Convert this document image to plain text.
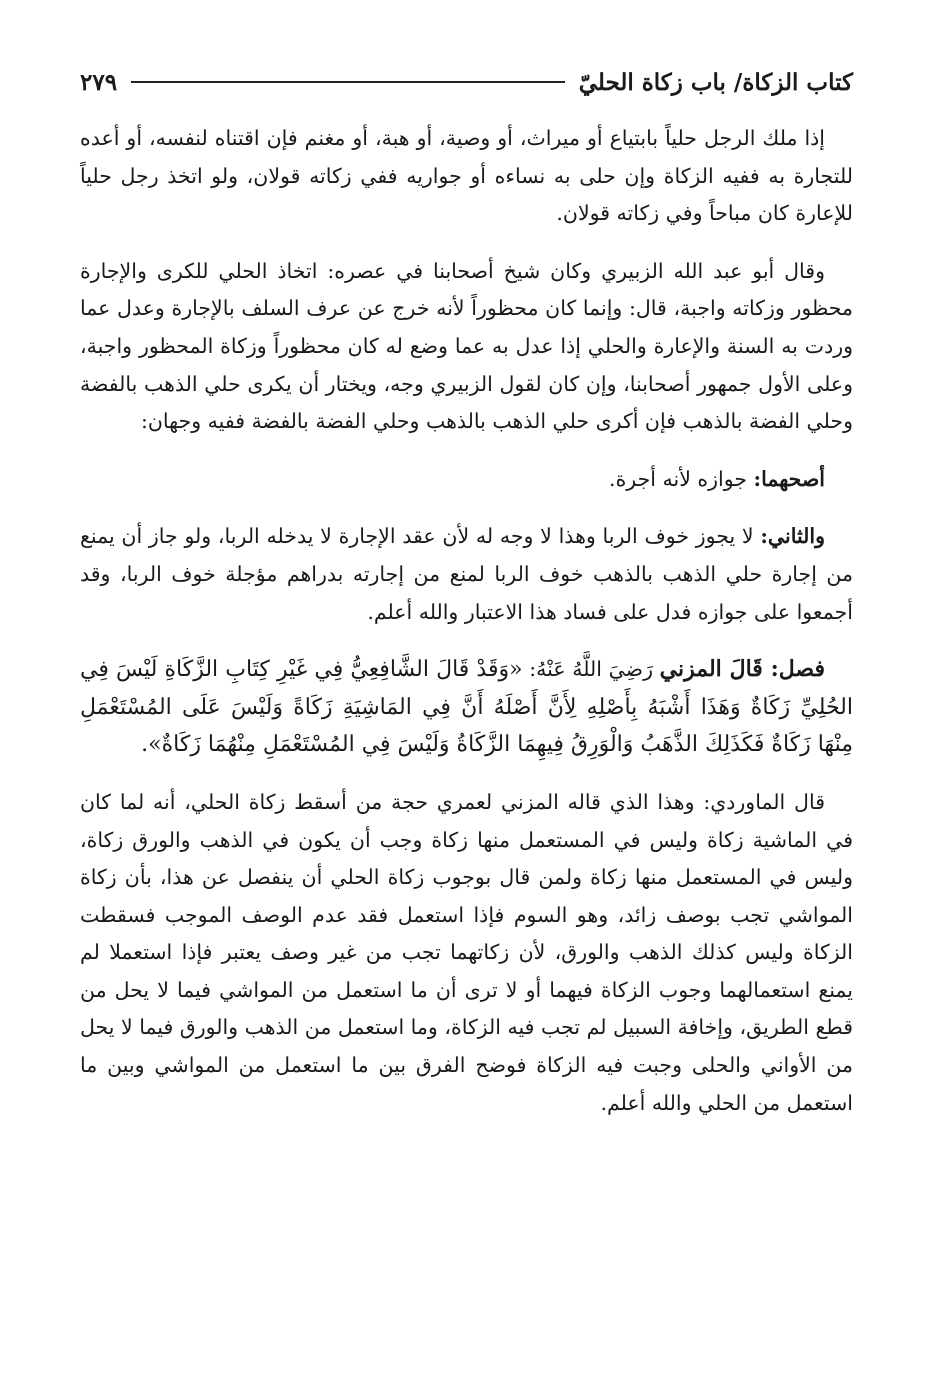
كتاب الزكاة/ باب زكاة الحليّ
٢٧٩

إذا ملك الرجل حلياً بابتياع أو ميراث، أو وصية، أو هبة، أو مغنم فإن اقتناه لنفسه، أو أعده للتجارة به ففيه الزكاة وإن حلى به نساءه أو جواريه ففي زكاته قولان، ولو اتخذ رجل حلياً للإعارة كان مباحاً وفي زكاته قولان.

وقال أبو عبد الله الزبيري وكان شيخ أصحابنا في عصره: اتخاذ الحلي للكرى والإجارة محظور وزكاته واجبة، قال: وإنما كان محظوراً لأنه خرج عن عرف السلف بالإجارة وعدل عما وردت به السنة والإعارة والحلي إذا عدل به عما وضع له كان محظوراً وزكاة المحظور واجبة، وعلى الأول جمهور أصحابنا، وإن كان لقول الزبيري وجه، ويختار أن يكرى حلي الذهب بالفضة وحلي الفضة بالذهب فإن أكرى حلي الذهب بالذهب وحلي الفضة بالفضة ففيه وجهان:

أصحهما: جوازه لأنه أجرة.

والثاني: لا يجوز خوف الربا وهذا لا وجه له لأن عقد الإجارة لا يدخله الربا، ولو جاز أن يمنع من إجارة حلي الذهب بالذهب خوف الربا لمنع من إجارته بدراهم مؤجلة خوف الربا، وقد أجمعوا على جوازه فدل على فساد هذا الاعتبار والله أعلم.

فصل: قَالَ المزني رَضِيَ اللَّهُ عَنْهُ: «وَقَدْ قَالَ الشَّافِعِيُّ فِي غَيْرِ كِتَابِ الزَّكَاةِ لَيْسَ فِي الحُلِيِّ زَكَاةٌ وَهَذَا أَشْبَهُ بِأَصْلِهِ لِأَنَّ أَصْلَهُ أَنَّ فِي المَاشِيَةِ زَكَاةً وَلَيْسَ عَلَى المُسْتَعْمَلِ مِنْهَا زَكَاةٌ فَكَذَلِكَ الذَّهَبُ وَالْوَرِقُ فِيهِمَا الزَّكَاةُ وَلَيْسَ فِي المُسْتَعْمَلِ مِنْهُمَا زَكَاةٌ».

قال الماوردي: وهذا الذي قاله المزني لعمري حجة من أسقط زكاة الحلي، أنه لما كان في الماشية زكاة وليس في المستعمل منها زكاة وجب أن يكون في الذهب والورق زكاة، وليس في المستعمل منها زكاة ولمن قال بوجوب زكاة الحلي أن ينفصل عن هذا، بأن زكاة المواشي تجب بوصف زائد، وهو السوم فإذا استعمل فقد عدم الوصف الموجب فسقطت الزكاة وليس كذلك الذهب والورق، لأن زكاتهما تجب من غير وصف يعتبر فإذا استعملا لم يمنع استعمالهما وجوب الزكاة فيهما أو لا ترى أن ما استعمل من المواشي فيما لا يحل من قطع الطريق، وإخافة السبيل لم تجب فيه الزكاة، وما استعمل من الذهب والورق فيما لا يحل من الأواني والحلى وجبت فيه الزكاة فوضح الفرق بين ما استعمل من المواشي وبين ما استعمل من الحلي والله أعلم.
